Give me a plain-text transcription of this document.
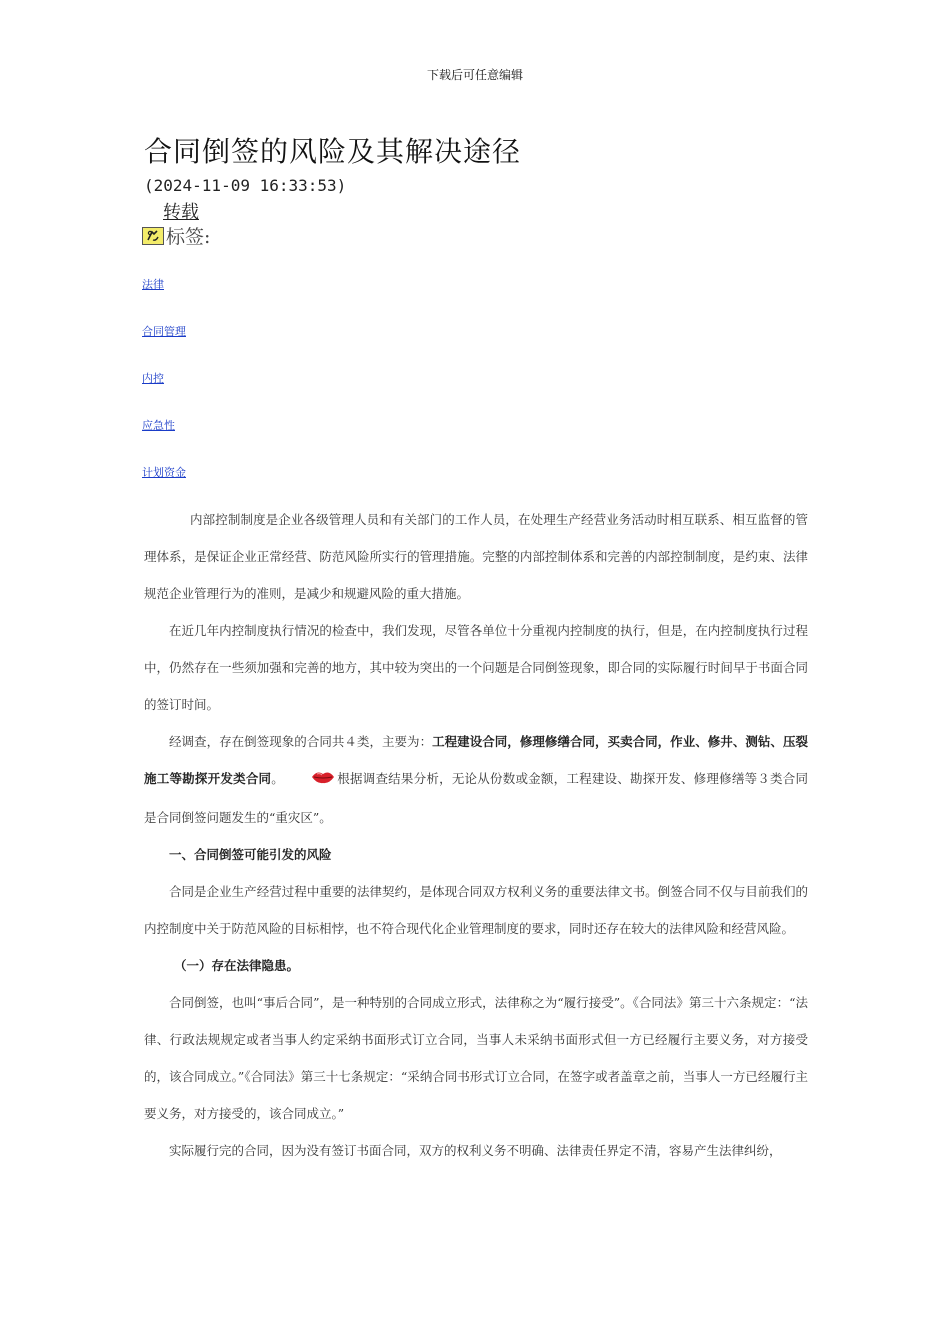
下载后可任意编辑
合同倒签的风险及其解决途径
(2024-11-09 16:33:53)
转载
标签:
法律
合同管理
内控
应急性
计划资金

内部控制制度是企业各级管理人员和有关部门的工作人员，在处理生产经营业务活动时相互联系、相互监督的管理体系，是保证企业正常经营、防范风险所实行的管理措施。完整的内部控制体系和完善的内部控制制度，是约束、法律规范企业管理行为的准则，是减少和规避风险的重大措施。

在近几年内控制度执行情况的检查中，我们发现，尽管各单位十分重视内控制度的执行，但是，在内控制度执行过程中，仍然存在一些须加强和完善的地方，其中较为突出的一个问题是合同倒签现象，即合同的实际履行时间早于书面合同的签订时间。

经调查，存在倒签现象的合同共４类，主要为：工程建设合同，修理修缮合同，买卖合同，作业、修井、测钻、压裂施工等勘探开发类合同。	根据调查结果分析，无论从份数或金额，工程建设、勘探开发、修理修缮等３类合同是合同倒签问题发生的“重灾区”。

一、合同倒签可能引发的风险

合同是企业生产经营过程中重要的法律契约，是体现合同双方权利义务的重要法律文书。倒签合同不仅与目前我们的内控制度中关于防范风险的目标相悖，也不符合现代化企业管理制度的要求，同时还存在较大的法律风险和经营风险。

（一）存在法律隐患。

合同倒签，也叫“事后合同”，是一种特别的合同成立形式，法律称之为“履行接受”。《合同法》第三十六条规定：“法律、行政法规规定或者当事人约定采纳书面形式订立合同，当事人未采纳书面形式但一方已经履行主要义务，对方接受的，该合同成立。”《合同法》第三十七条规定：“采纳合同书形式订立合同，在签字或者盖章之前，当事人一方已经履行主要义务，对方接受的，该合同成立。”

实际履行完的合同，因为没有签订书面合同，双方的权利义务不明确、法律责任界定不清，容易产生法律纠纷，
